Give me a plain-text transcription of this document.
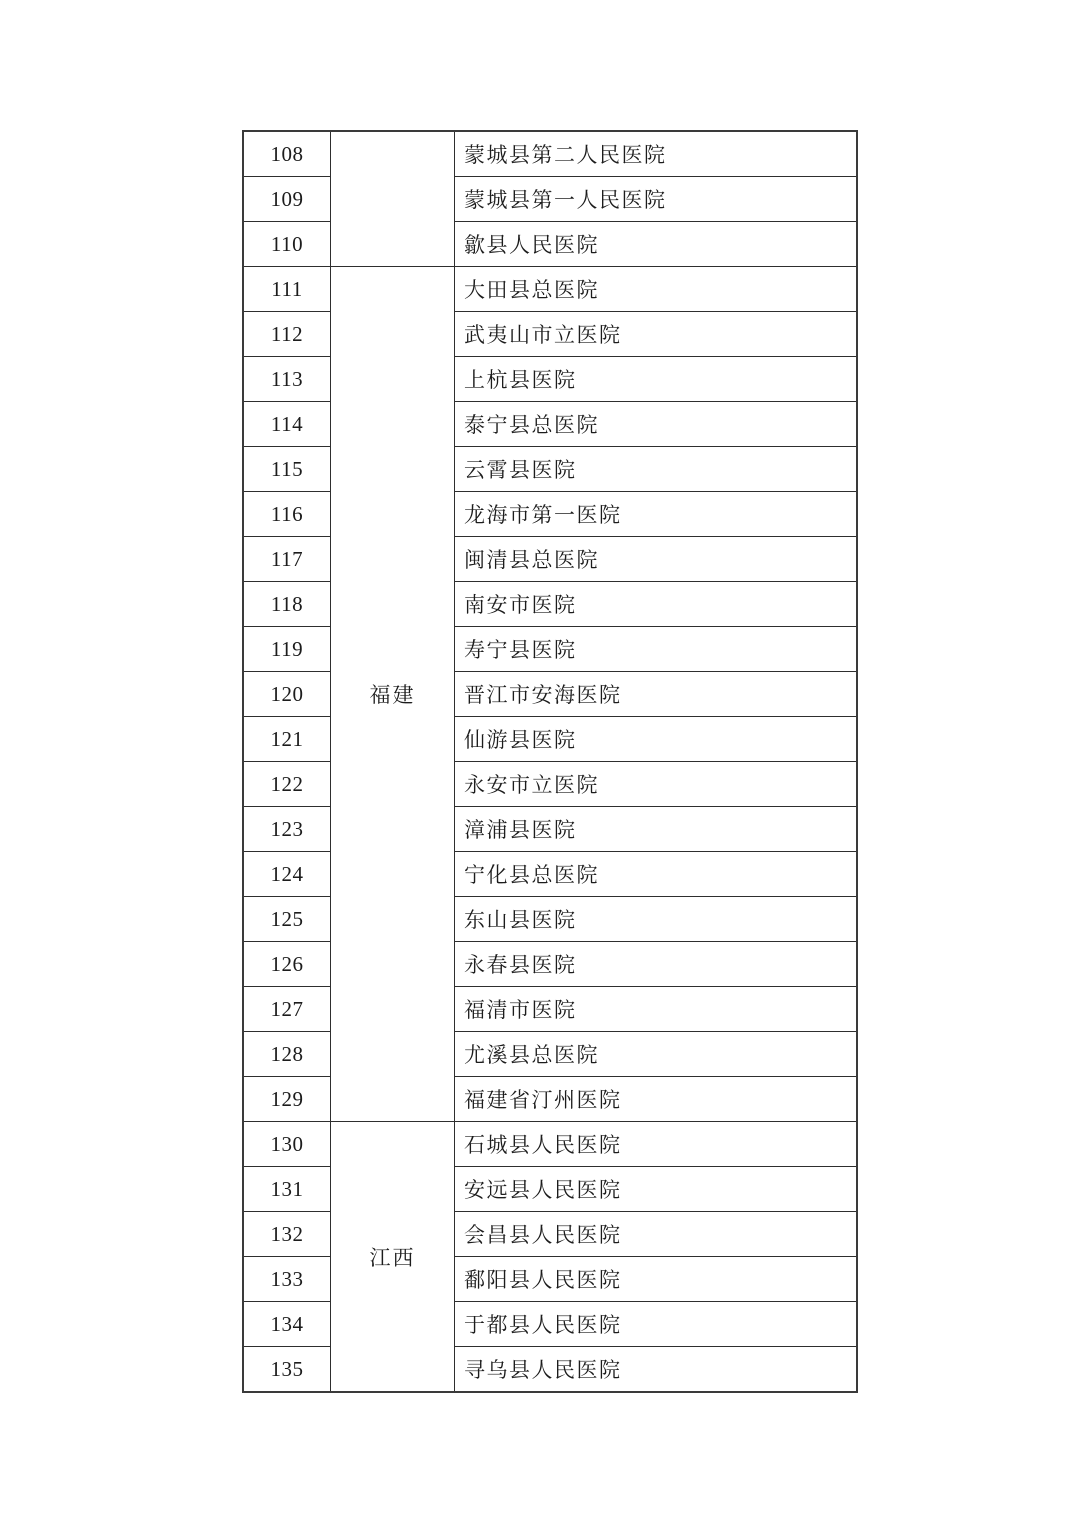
108		蒙城县第二人民医院
109		蒙城县第一人民医院
110		歙县人民医院
111	福建	大田县总医院
112		武夷山市立医院
113		上杭县医院
114		泰宁县总医院
115		云霄县医院
116		龙海市第一医院
117		闽清县总医院
118		南安市医院
119		寿宁县医院
120		晋江市安海医院
121		仙游县医院
122		永安市立医院
123		漳浦县医院
124		宁化县总医院
125		东山县医院
126		永春县医院
127		福清市医院
128		尤溪县总医院
129		福建省汀州医院
130	江西	石城县人民医院
131		安远县人民医院
132		会昌县人民医院
133		鄱阳县人民医院
134		于都县人民医院
135		寻乌县人民医院
